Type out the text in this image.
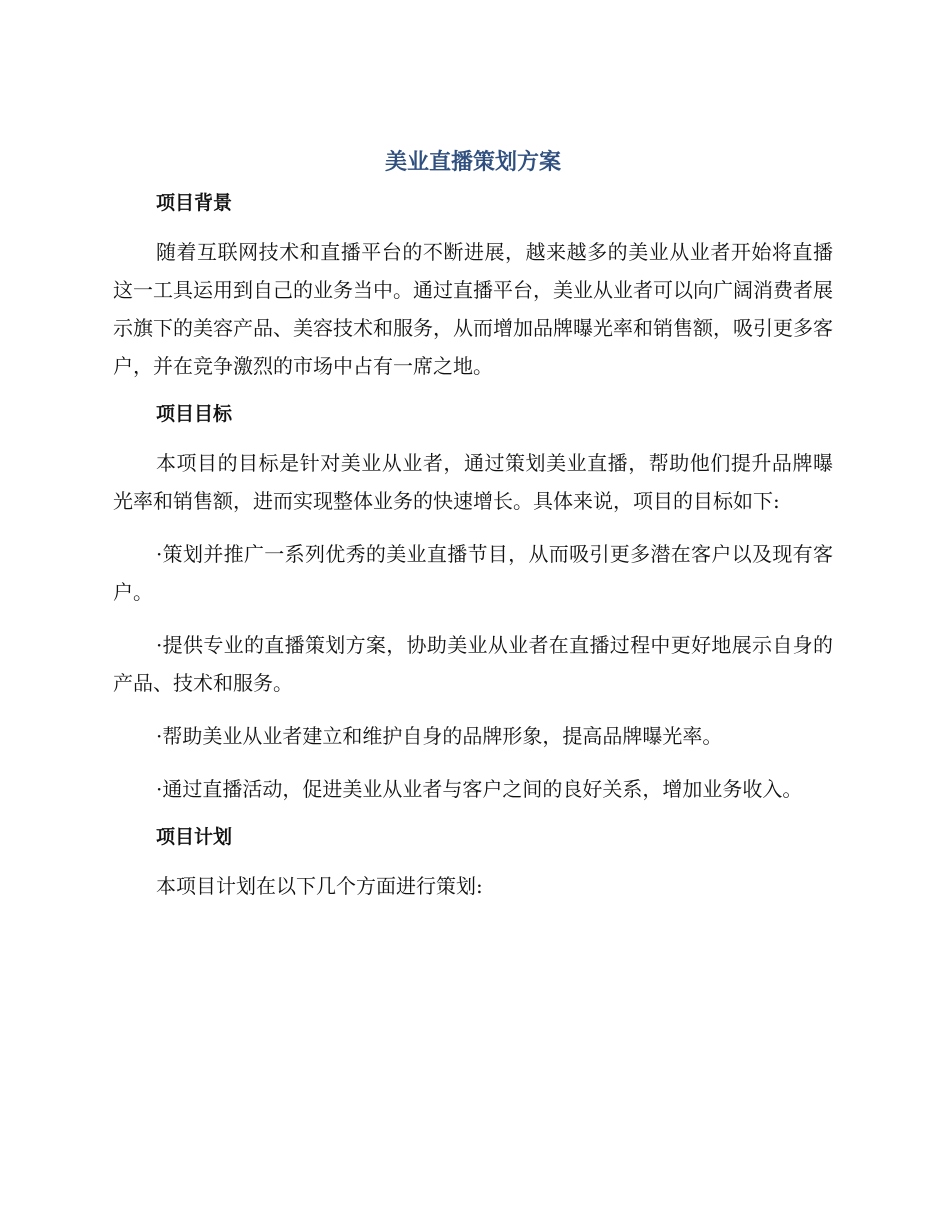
美业直播策划方案
项目背景

随着互联网技术和直播平台的不断进展，越来越多的美业从业者开始将直播这一工具运用到自己的业务当中。通过直播平台，美业从业者可以向广阔消费者展示旗下的美容产品、美容技术和服务，从而增加品牌曝光率和销售额，吸引更多客户，并在竞争激烈的市场中占有一席之地。

项目目标

本项目的目标是针对美业从业者，通过策划美业直播，帮助他们提升品牌曝光率和销售额，进而实现整体业务的快速增长。具体来说，项目的目标如下:

·策划并推广一系列优秀的美业直播节目，从而吸引更多潜在客户以及现有客户。

·提供专业的直播策划方案，协助美业从业者在直播过程中更好地展示自身的产品、技术和服务。

·帮助美业从业者建立和维护自身的品牌形象，提高品牌曝光率。

·通过直播活动，促进美业从业者与客户之间的良好关系，增加业务收入。

项目计划

本项目计划在以下几个方面进行策划:
